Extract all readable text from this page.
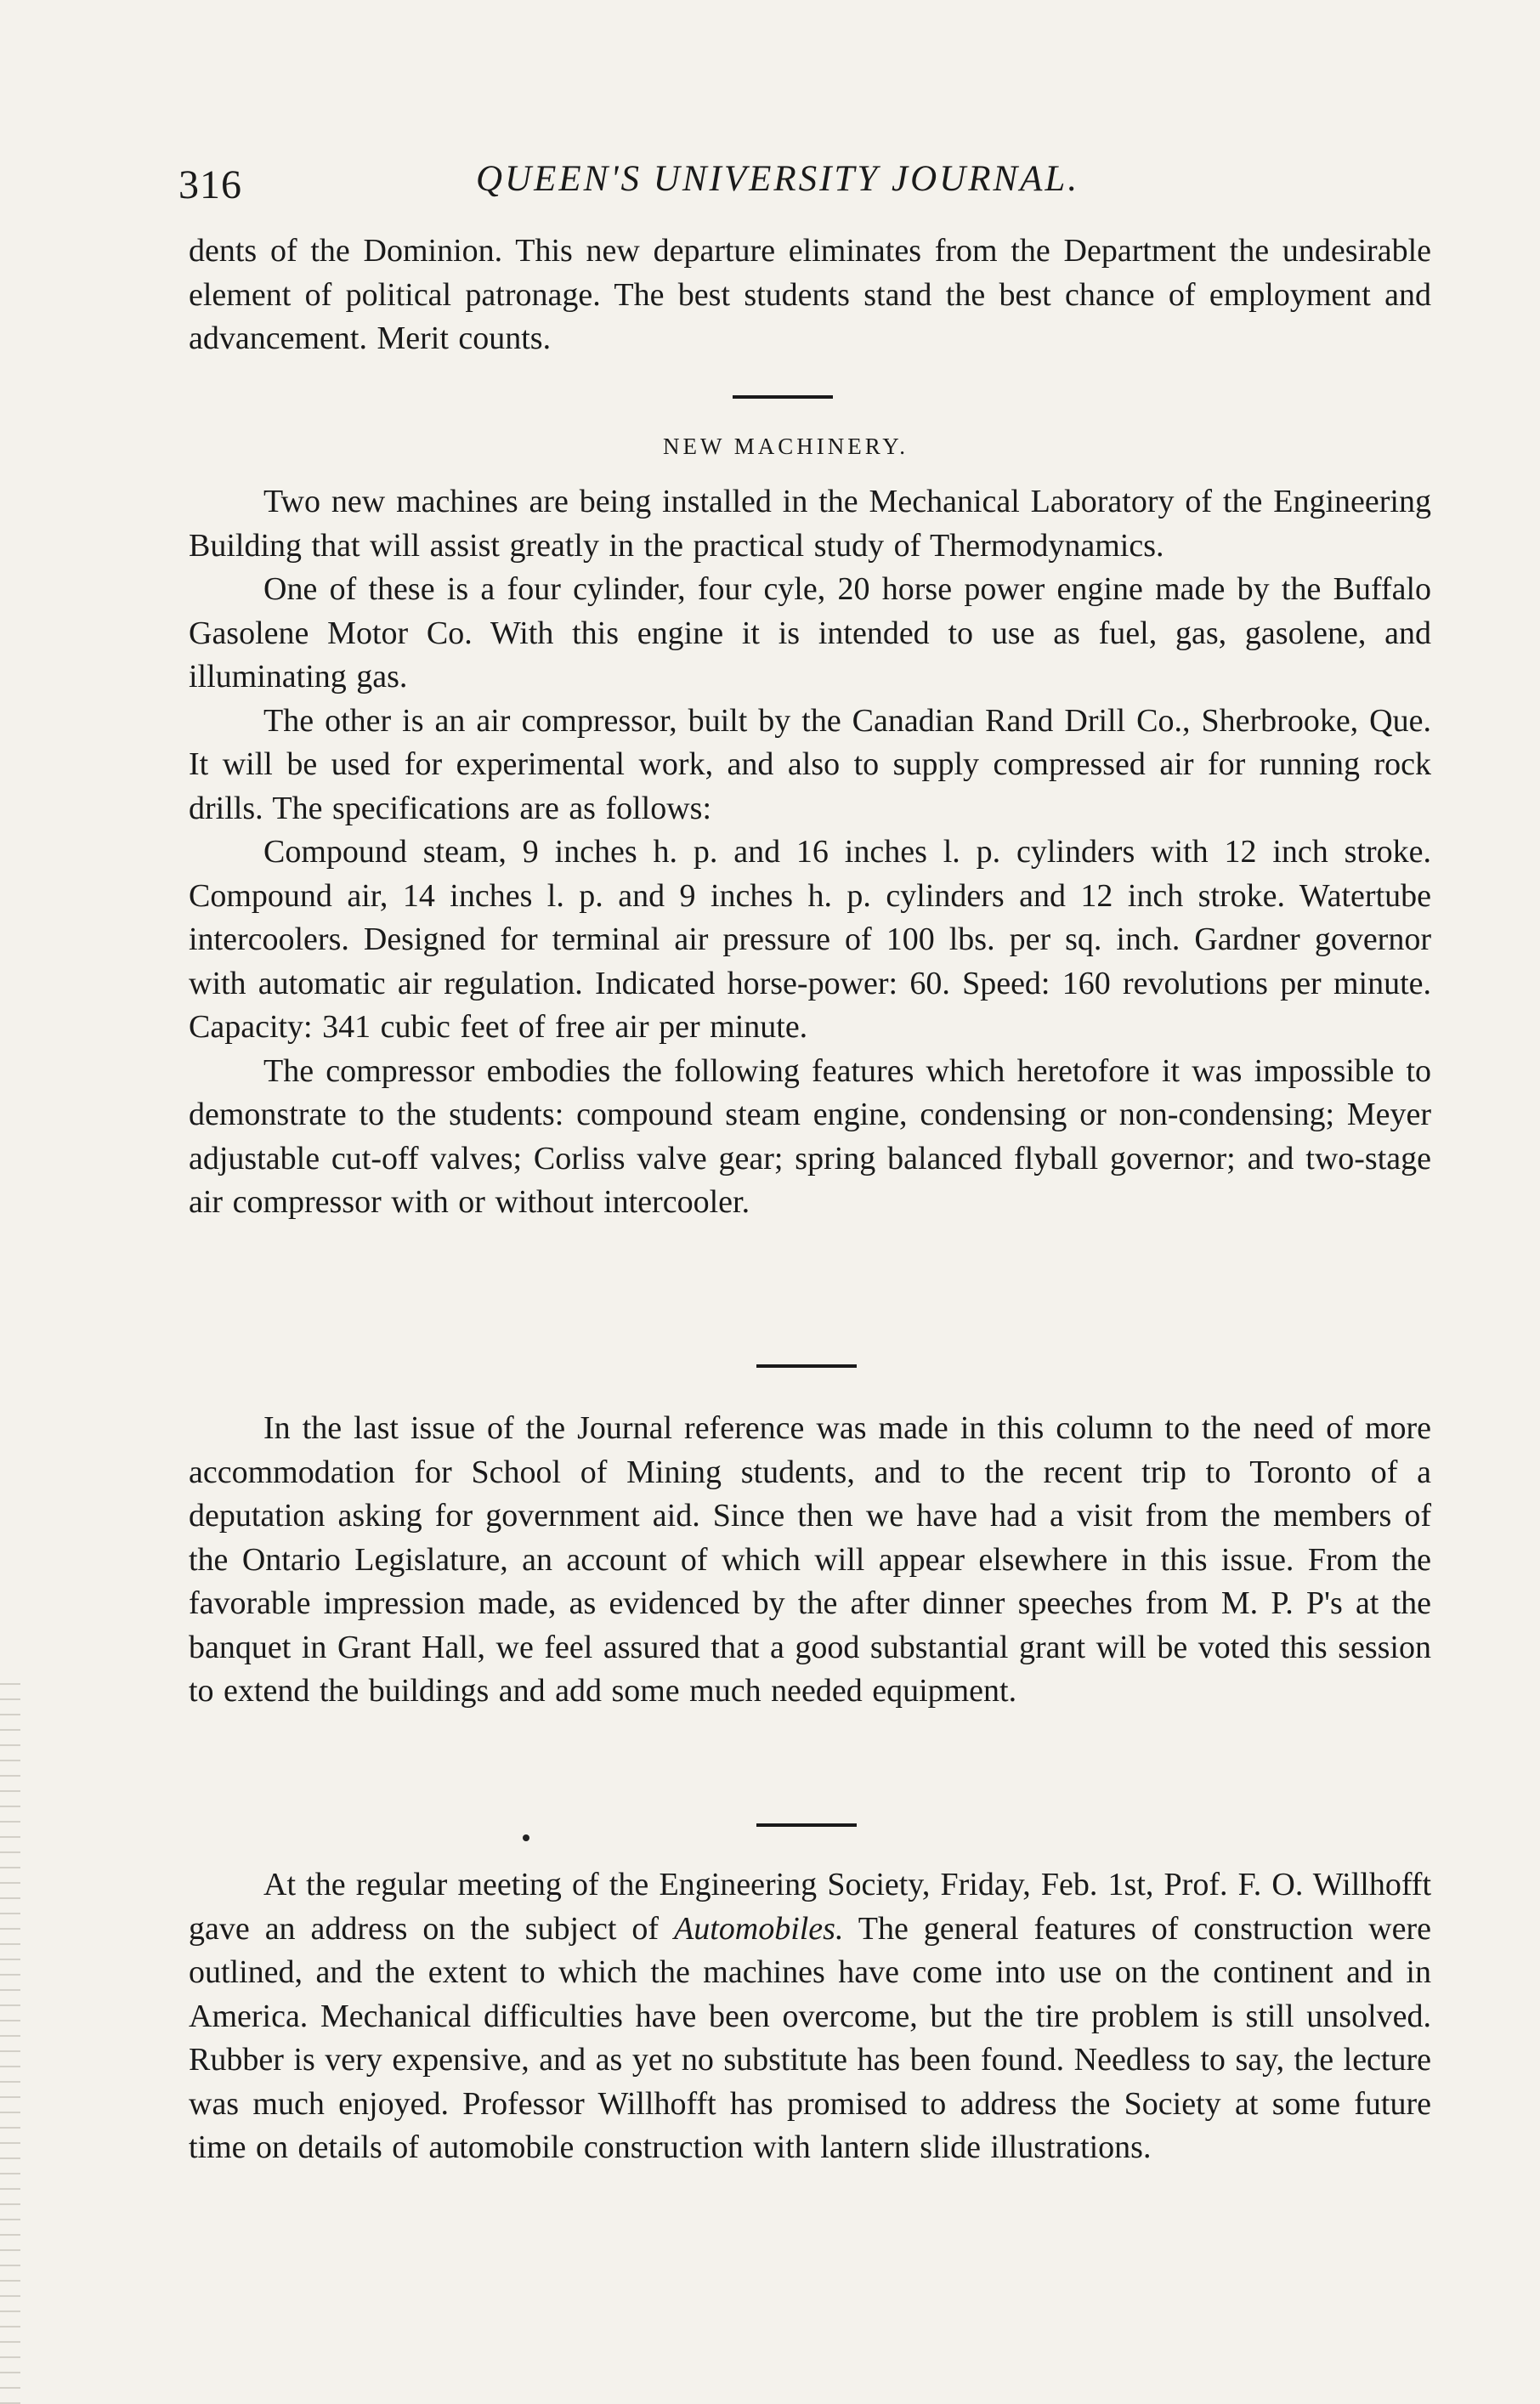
316	QUEEN'S UNIVERSITY JOURNAL.

dents of the Dominion. This new departure eliminates from the Department the undesirable element of political patronage. The best students stand the best chance of employment and advancement. Merit counts.

NEW MACHINERY.

Two new machines are being installed in the Mechanical Laboratory of the Engineering Building that will assist greatly in the practical study of Thermodynamics.

One of these is a four cylinder, four cyle, 20 horse power engine made by the Buffalo Gasolene Motor Co. With this engine it is intended to use as fuel, gas, gasolene, and illuminating gas.

The other is an air compressor, built by the Canadian Rand Drill Co., Sherbrooke, Que. It will be used for experimental work, and also to supply compressed air for running rock drills. The specifications are as follows:

Compound steam, 9 inches h. p. and 16 inches l. p. cylinders with 12 inch stroke. Compound air, 14 inches l. p. and 9 inches h. p. cylinders and 12 inch stroke. Watertube intercoolers. Designed for terminal air pressure of 100 lbs. per sq. inch. Gardner governor with automatic air regulation. Indicated horse-power: 60. Speed: 160 revolutions per minute. Capacity: 341 cubic feet of free air per minute.

The compressor embodies the following features which heretofore it was impossible to demonstrate to the students: compound steam engine, condensing or non-condensing; Meyer adjustable cut-off valves; Corliss valve gear; spring balanced flyball governor; and two-stage air compressor with or without intercooler.

In the last issue of the Journal reference was made in this column to the need of more accommodation for School of Mining students, and to the recent trip to Toronto of a deputation asking for government aid. Since then we have had a visit from the members of the Ontario Legislature, an account of which will appear elsewhere in this issue. From the favorable impression made, as evidenced by the after dinner speeches from M. P. P's at the banquet in Grant Hall, we feel assured that a good substantial grant will be voted this session to extend the buildings and add some much needed equipment.

At the regular meeting of the Engineering Society, Friday, Feb. 1st, Prof. F. O. Willhofft gave an address on the subject of Automobiles. The general features of construction were outlined, and the extent to which the machines have come into use on the continent and in America. Mechanical difficulties have been overcome, but the tire problem is still unsolved. Rubber is very expensive, and as yet no substitute has been found. Needless to say, the lecture was much enjoyed. Professor Willhofft has promised to address the Society at some future time on details of automobile construction with lantern slide illustrations.
